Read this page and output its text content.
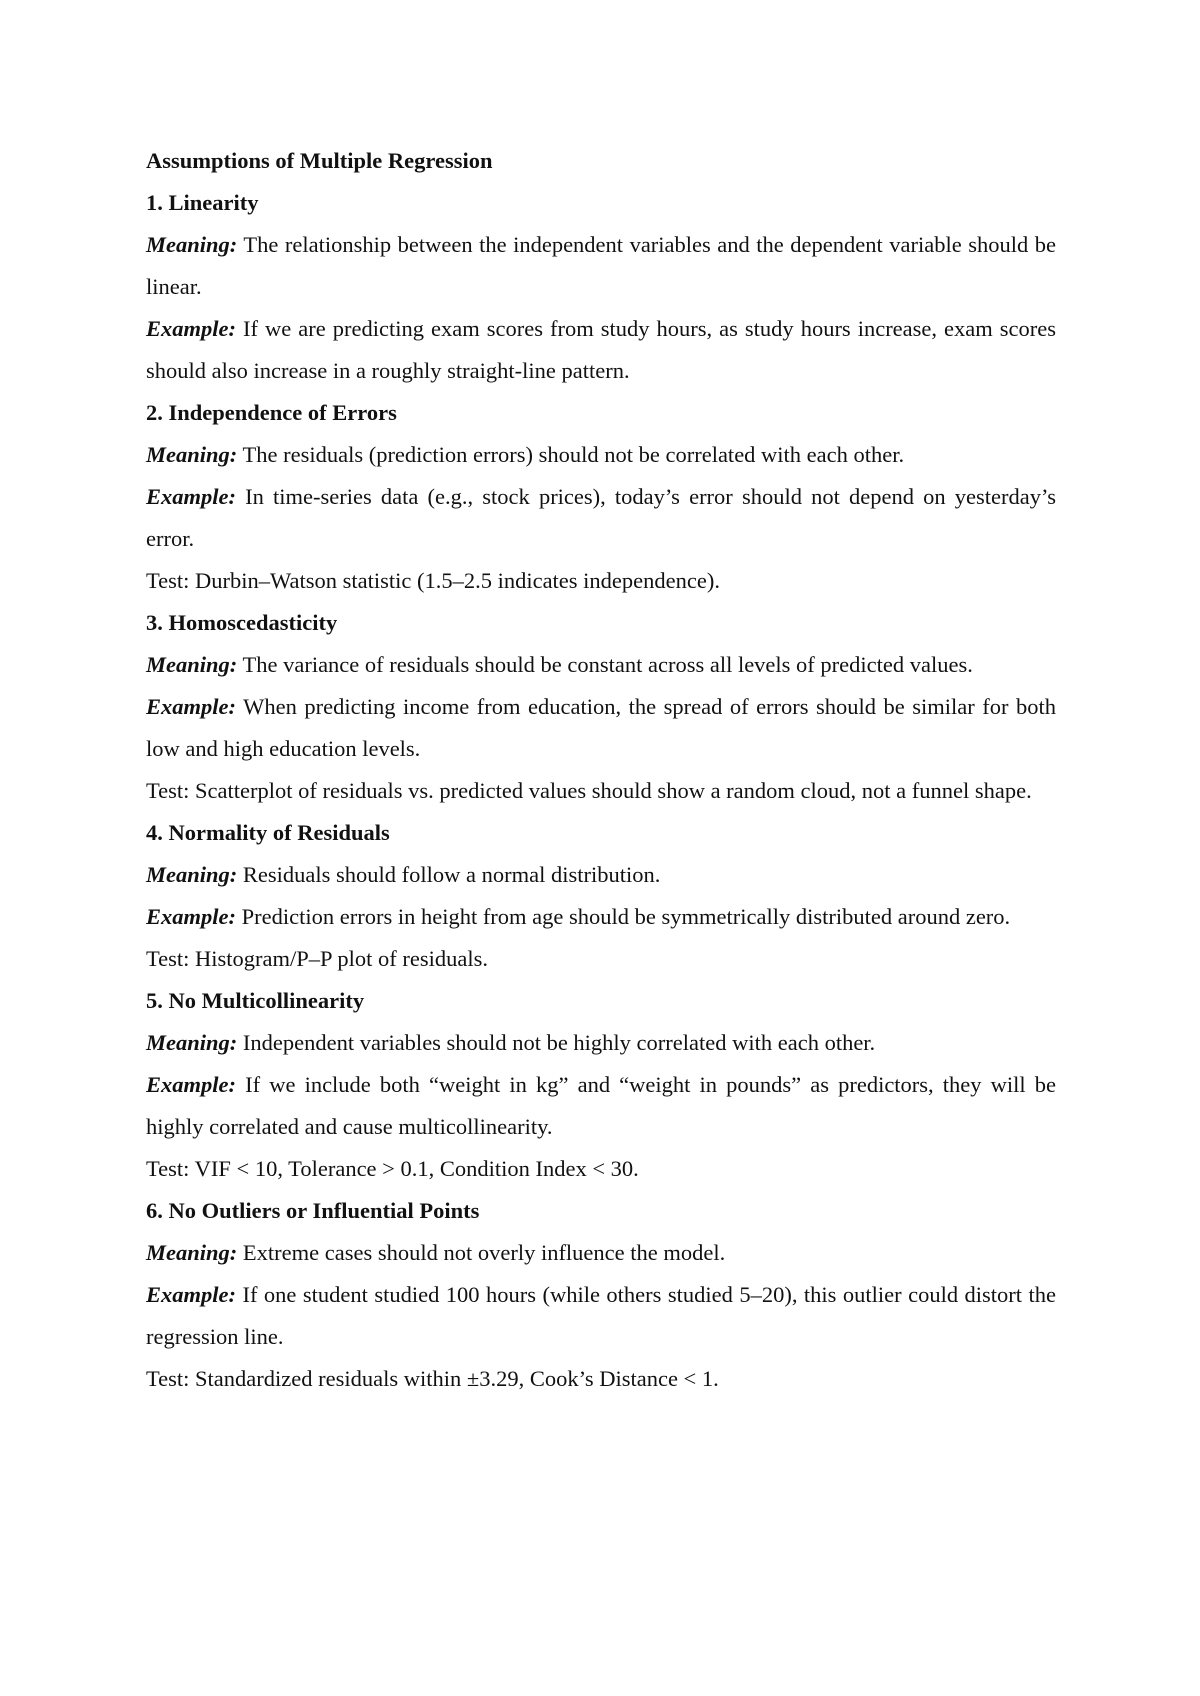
Assumptions of Multiple Regression

1. Linearity

Meaning: The relationship between the independent variables and the dependent variable should be linear.

Example: If we are predicting exam scores from study hours, as study hours increase, exam scores should also increase in a roughly straight-line pattern.

2. Independence of Errors

Meaning: The residuals (prediction errors) should not be correlated with each other.

Example: In time-series data (e.g., stock prices), today’s error should not depend on yesterday’s error.

Test: Durbin–Watson statistic (1.5–2.5 indicates independence).

3. Homoscedasticity

Meaning: The variance of residuals should be constant across all levels of predicted values.

Example: When predicting income from education, the spread of errors should be similar for both low and high education levels.

Test: Scatterplot of residuals vs. predicted values should show a random cloud, not a funnel shape.

4. Normality of Residuals

Meaning: Residuals should follow a normal distribution.

Example: Prediction errors in height from age should be symmetrically distributed around zero.

Test: Histogram/P–P plot of residuals.

5. No Multicollinearity

Meaning: Independent variables should not be highly correlated with each other.

Example: If we include both “weight in kg” and “weight in pounds” as predictors, they will be highly correlated and cause multicollinearity.

Test: VIF < 10, Tolerance > 0.1, Condition Index < 30.

6. No Outliers or Influential Points

Meaning: Extreme cases should not overly influence the model.

Example: If one student studied 100 hours (while others studied 5–20), this outlier could distort the regression line.

Test: Standardized residuals within ±3.29, Cook’s Distance < 1.
